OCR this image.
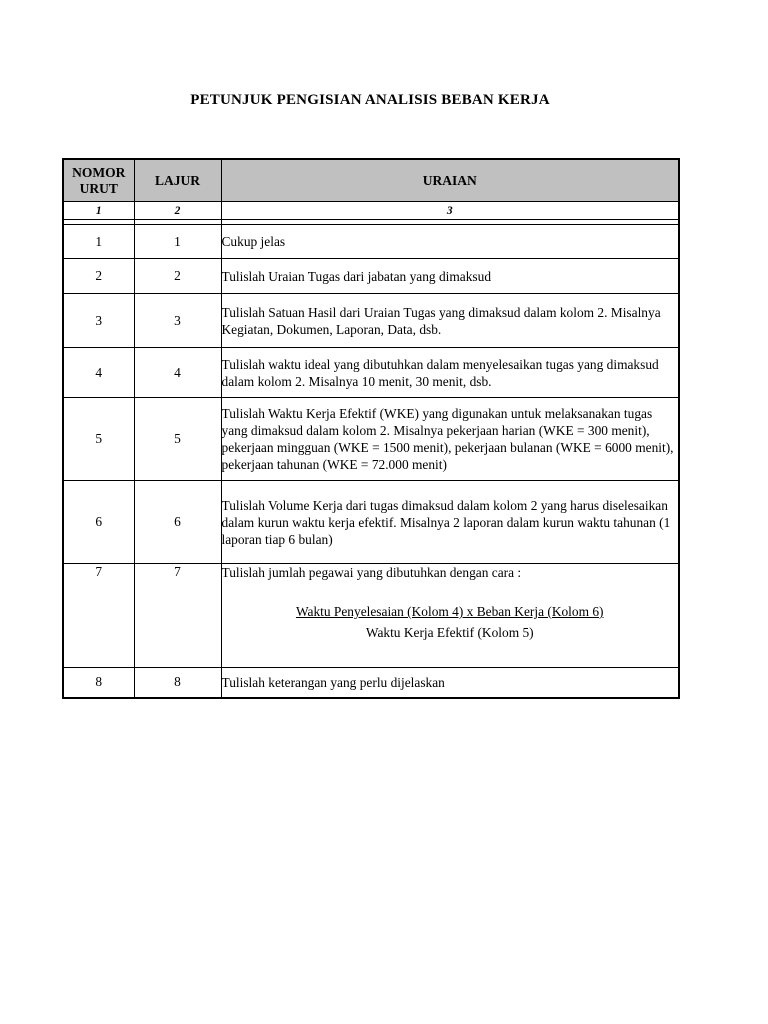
PETUNJUK PENGISIAN ANALISIS BEBAN KERJA
NOMOR
URUT	LAJUR	URAIAN
1	2	3

1	1	Cukup jelas
2	2	Tulislah Uraian Tugas dari jabatan yang dimaksud
3	3	Tulislah Satuan Hasil dari Uraian Tugas yang dimaksud dalam kolom 2. Misalnya Kegiatan, Dokumen, Laporan, Data, dsb.
4	4	Tulislah waktu ideal yang dibutuhkan dalam menyelesaikan tugas yang dimaksud dalam kolom 2. Misalnya 10 menit, 30 menit, dsb.
5	5	Tulislah Waktu Kerja Efektif (WKE) yang digunakan untuk melaksanakan tugas yang dimaksud dalam kolom 2. Misalnya pekerjaan harian (WKE = 300 menit), pekerjaan mingguan (WKE = 1500 menit), pekerjaan bulanan (WKE = 6000 menit), pekerjaan tahunan (WKE = 72.000 menit)
6	6	Tulislah Volume Kerja dari tugas dimaksud dalam kolom 2 yang harus diselesaikan dalam kurun waktu kerja efektif. Misalnya 2 laporan dalam kurun waktu tahunan (1 laporan tiap 6 bulan)
7	7	Tulislah jumlah pegawai yang dibutuhkan dengan cara :
Waktu Penyelesaian (Kolom 4) x Beban Kerja (Kolom 6)
Waktu Kerja Efektif (Kolom 5)

8	8	Tulislah keterangan yang perlu dijelaskan
